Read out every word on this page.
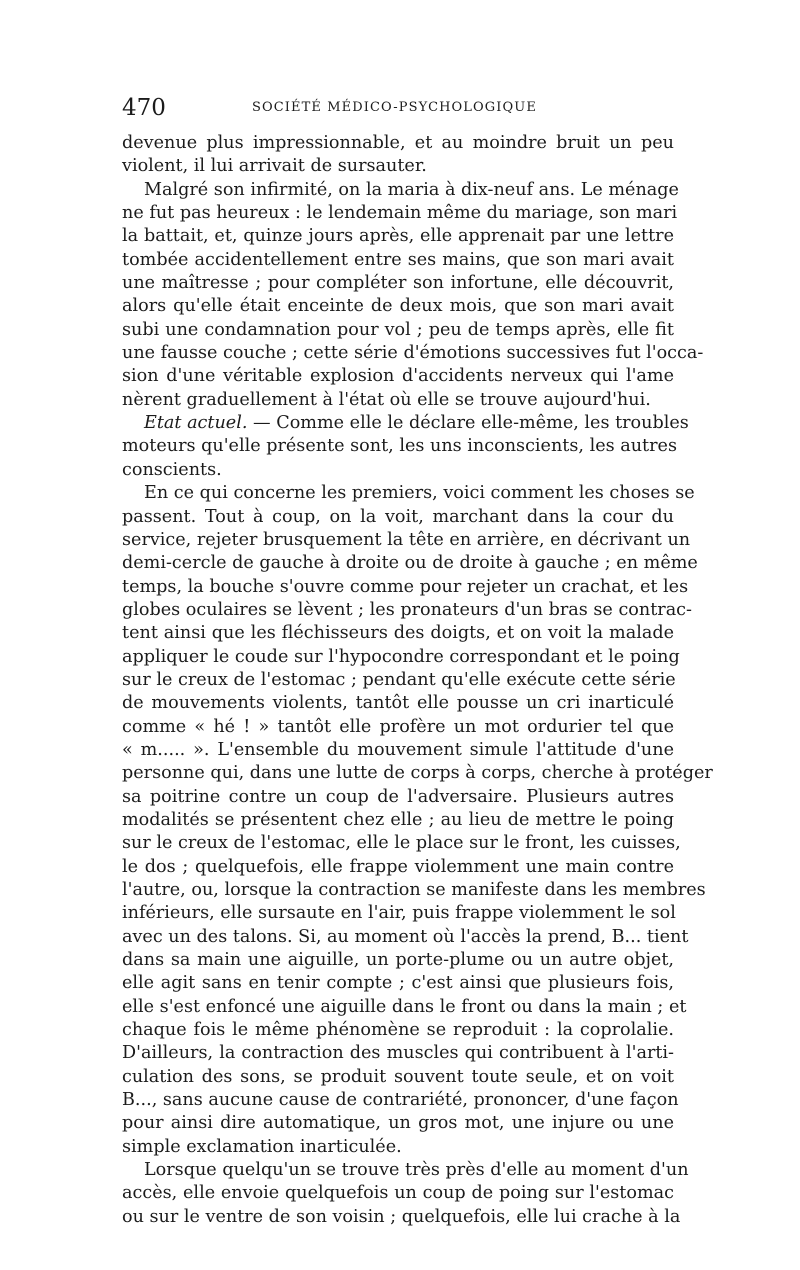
470	SOCIÉTÉ MÉDICO-PSYCHOLOGIQUE
devenue plus impressionnable, et au moindre bruit un peu
violent, il lui arrivait de sursauter.
Malgré son infirmité, on la maria à dix-neuf ans. Le ménage
ne fut pas heureux : le lendemain même du mariage, son mari
la battait, et, quinze jours après, elle apprenait par une lettre
tombée accidentellement entre ses mains, que son mari avait
une maîtresse ; pour compléter son infortune, elle découvrit,
alors qu'elle était enceinte de deux mois, que son mari avait
subi une condamnation pour vol ; peu de temps après, elle fit
une fausse couche ; cette série d'émotions successives fut l'occa-
sion d'une véritable explosion d'accidents nerveux qui l'ame
nèrent graduellement à l'état où elle se trouve aujourd'hui.
Etat actuel. — Comme elle le déclare elle-même, les troubles
moteurs qu'elle présente sont, les uns inconscients, les autres
conscients.
En ce qui concerne les premiers, voici comment les choses se
passent. Tout à coup, on la voit, marchant dans la cour du
service, rejeter brusquement la tête en arrière, en décrivant un
demi-cercle de gauche à droite ou de droite à gauche ; en même
temps, la bouche s'ouvre comme pour rejeter un crachat, et les
globes oculaires se lèvent ; les pronateurs d'un bras se contrac-
tent ainsi que les fléchisseurs des doigts, et on voit la malade
appliquer le coude sur l'hypocondre correspondant et le poing
sur le creux de l'estomac ; pendant qu'elle exécute cette série
de mouvements violents, tantôt elle pousse un cri inarticulé
comme « hé ! » tantôt elle profère un mot ordurier tel que
« m..... ». L'ensemble du mouvement simule l'attitude d'une
personne qui, dans une lutte de corps à corps, cherche à protéger
sa poitrine contre un coup de l'adversaire. Plusieurs autres
modalités se présentent chez elle ; au lieu de mettre le poing
sur le creux de l'estomac, elle le place sur le front, les cuisses,
le dos ; quelquefois, elle frappe violemment une main contre
l'autre, ou, lorsque la contraction se manifeste dans les membres
inférieurs, elle sursaute en l'air, puis frappe violemment le sol
avec un des talons. Si, au moment où l'accès la prend, B... tient
dans sa main une aiguille, un porte-plume ou un autre objet,
elle agit sans en tenir compte ; c'est ainsi que plusieurs fois,
elle s'est enfoncé une aiguille dans le front ou dans la main ; et
chaque fois le même phénomène se reproduit : la coprolalie.
D'ailleurs, la contraction des muscles qui contribuent à l'arti-
culation des sons, se produit souvent toute seule, et on voit
B..., sans aucune cause de contrariété, prononcer, d'une façon
pour ainsi dire automatique, un gros mot, une injure ou une
simple exclamation inarticulée.
Lorsque quelqu'un se trouve très près d'elle au moment d'un
accès, elle envoie quelquefois un coup de poing sur l'estomac
ou sur le ventre de son voisin ; quelquefois, elle lui crache à la
